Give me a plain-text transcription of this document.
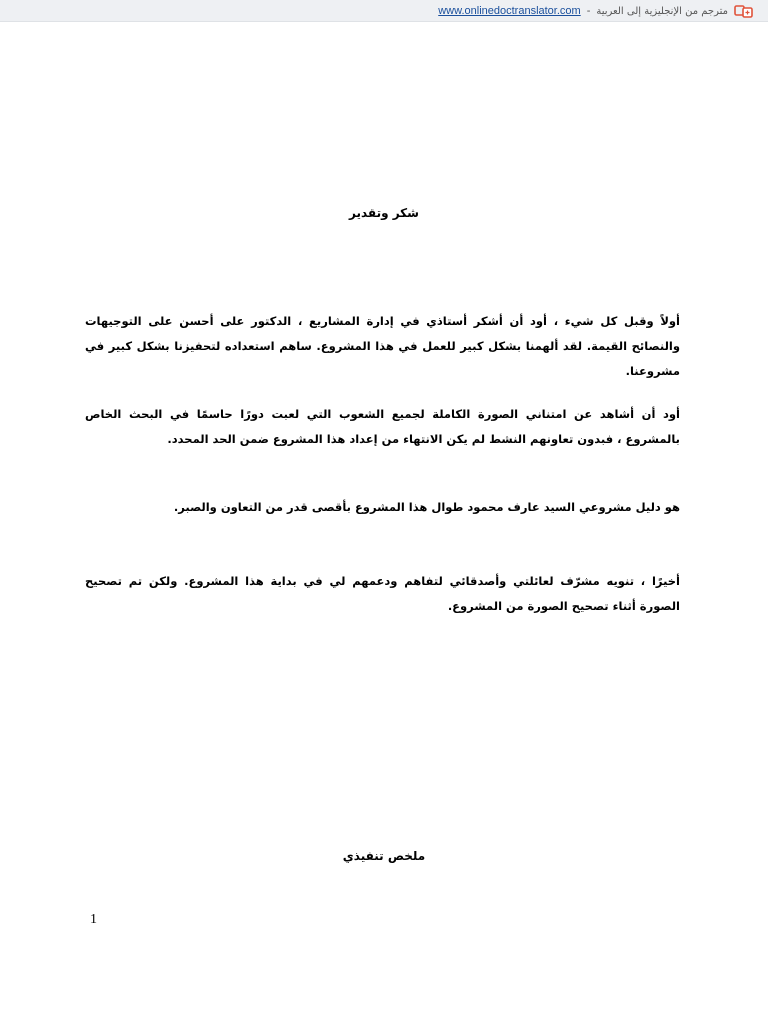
www.onlinedoctranslator.com - مترجم من الإنجليزية إلى العربية
شكر وتقدير
أولاً وقبل كل شيء ، أود أن أشكر أستاذي في إدارة المشاريع ، الدكتور على أحسن على التوجيهات والنصائح القيمة. لقد ألهمنا بشكل كبير للعمل في هذا المشروع. ساهم استعداده لتحفيزنا بشكل كبير في مشروعنا.
أود أن أشاهد عن امتناني الصورة الكاملة لجميع الشعوب التي لعبت دورًا حاسمًا في البحث الخاص بالمشروع ، فبدون تعاونهم النشط لم يكن الانتهاء من إعداد هذا المشروع ضمن الحد المحدد.
هو دليل مشروعي السيد عارف محمود طوال هذا المشروع بأقصى قدر من التعاون والصبر.
أخيرًا ، تنويه مشرّف لعائلتي وأصدقائي لتفاهم ودعمهم لي في بداية هذا المشروع. ولكن تم تصحيح الصورة أثناء تصحيح الصورة من المشروع.
ملخص تنفيذي
1
